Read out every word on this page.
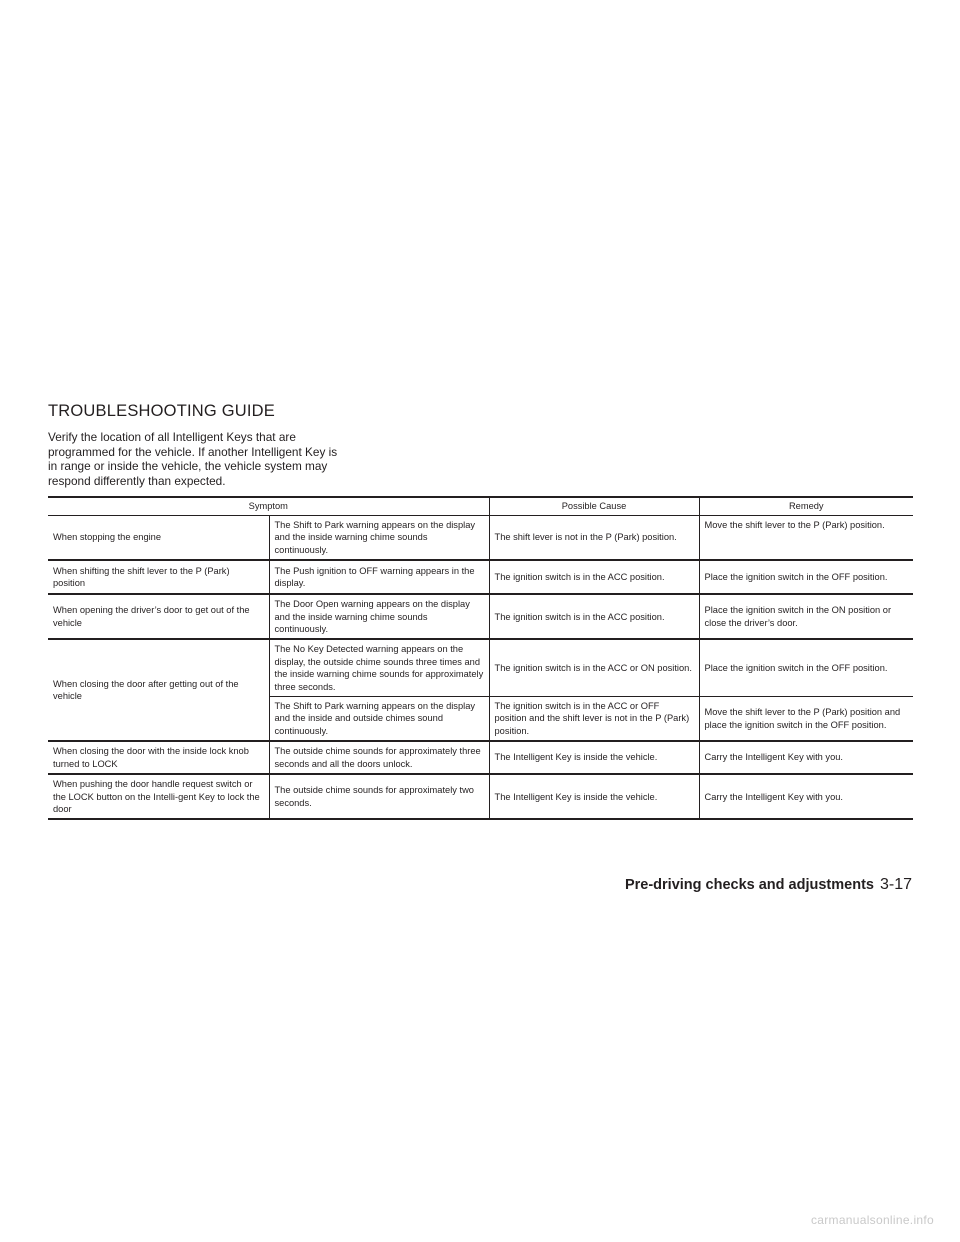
TROUBLESHOOTING GUIDE

Verify the location of all Intelligent Keys that are programmed for the vehicle. If another Intelligent Key is in range or inside the vehicle, the vehicle system may respond differently than expected.

Symptom		Possible Cause	Remedy
When stopping the engine	The Shift to Park warning appears on the display and the inside warning chime sounds continuously.	The shift lever is not in the P (Park) position.	Move the shift lever to the P (Park) position.
When shifting the shift lever to the P (Park) position	The Push ignition to OFF warning appears in the display.	The ignition switch is in the ACC position.	Place the ignition switch in the OFF position.
When opening the driver’s door to get out of the vehicle	The Door Open warning appears on the display and the inside warning chime sounds continuously.	The ignition switch is in the ACC position.	Place the ignition switch in the ON position or close the driver’s door.
When closing the door after getting out of the vehicle	The No Key Detected warning appears on the display, the outside chime sounds three times and the inside warning chime sounds for approximately three seconds.	The ignition switch is in the ACC or ON position.	Place the ignition switch in the OFF position.
	The Shift to Park warning appears on the display and the inside and outside chimes sound continuously.	The ignition switch is in the ACC or OFF position and the shift lever is not in the P (Park) position.	Move the shift lever to the P (Park) position and place the ignition switch in the OFF position.
When closing the door with the inside lock knob turned to LOCK	The outside chime sounds for approximately three seconds and all the doors unlock.	The Intelligent Key is inside the vehicle.	Carry the Intelligent Key with you.
When pushing the door handle request switch or the LOCK button on the Intelli-gent Key to lock the door	The outside chime sounds for approximately two seconds.	The Intelligent Key is inside the vehicle.	Carry the Intelligent Key with you.
Pre-driving checks and adjustments 3-17
carmanualsonline.info
